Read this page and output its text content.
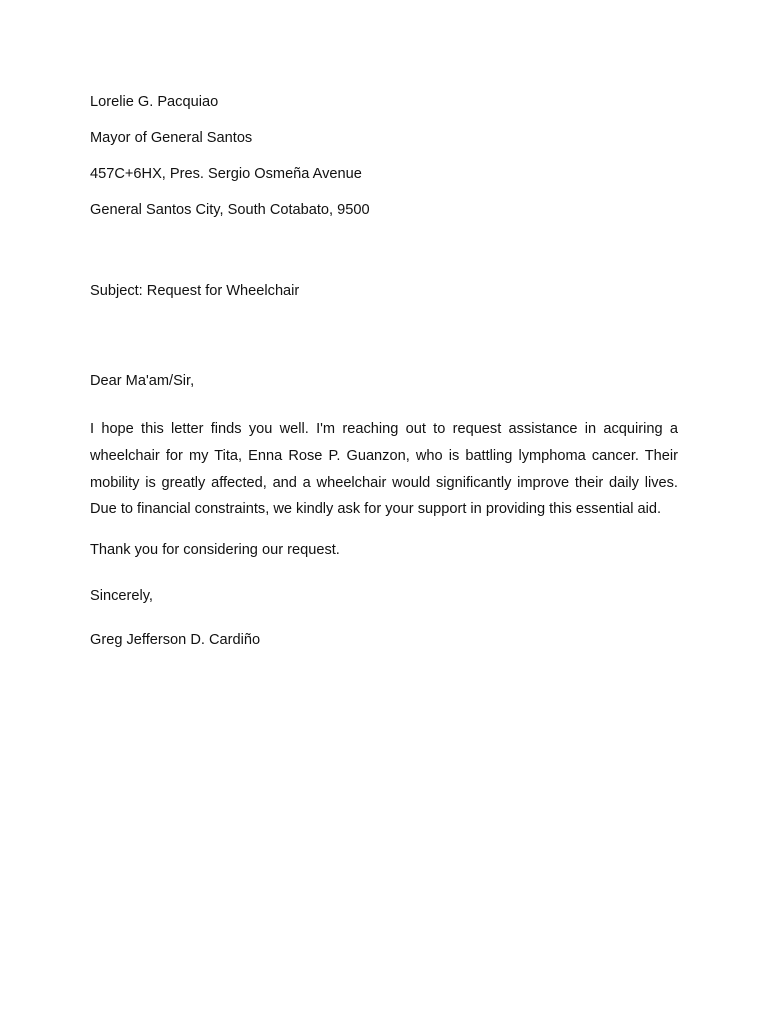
Lorelie G. Pacquiao
Mayor of General Santos
457C+6HX, Pres. Sergio Osmeña Avenue
General Santos City, South Cotabato, 9500
Subject: Request for Wheelchair
Dear Ma'am/Sir,
I hope this letter finds you well. I'm reaching out to request assistance in acquiring a wheelchair for my Tita, Enna Rose P. Guanzon, who is battling lymphoma cancer. Their mobility is greatly affected, and a wheelchair would significantly improve their daily lives. Due to financial constraints, we kindly ask for your support in providing this essential aid.
Thank you for considering our request.
Sincerely,
Greg Jefferson D. Cardiño
